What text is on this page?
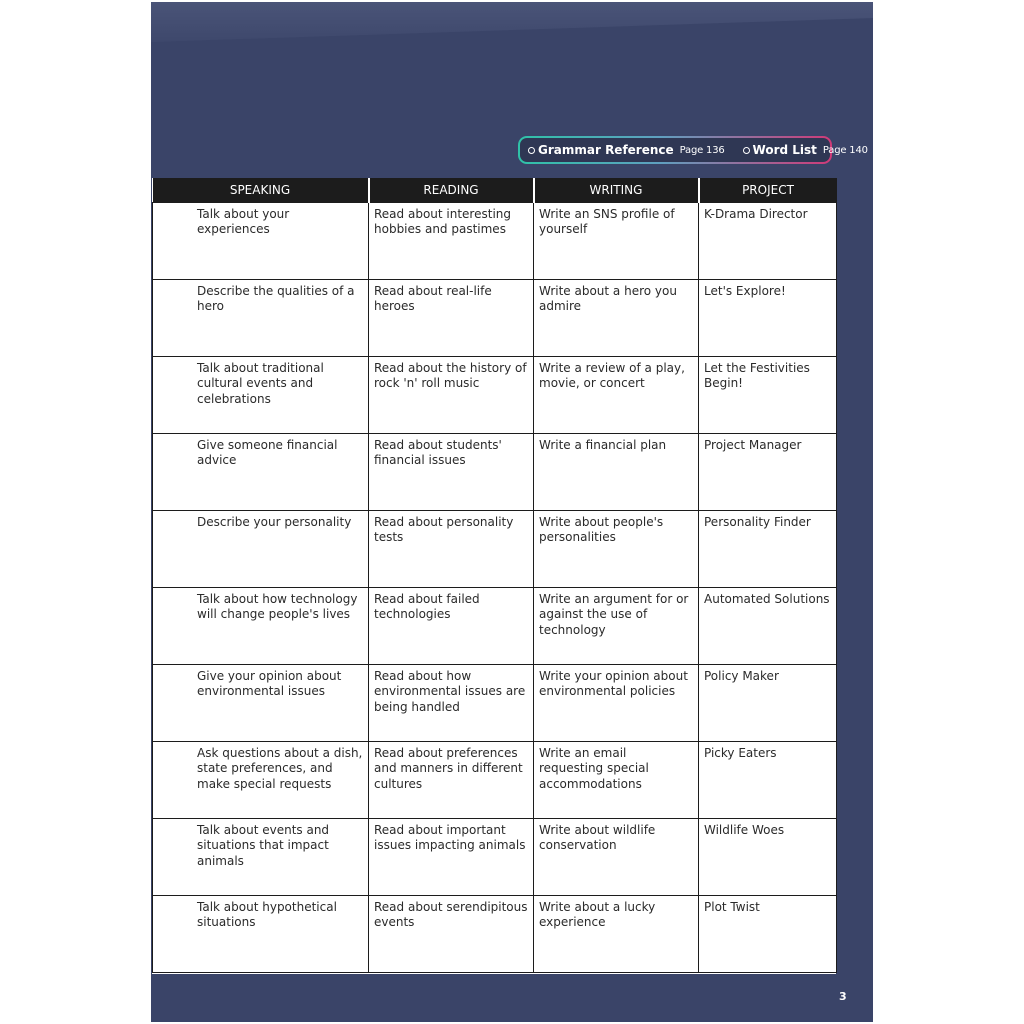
Grammar Reference Page 136 Word List Page 140
SPEAKING	READING	WRITING	PROJECT
Talk about your experiences	Read about interesting hobbies and pastimes	Write an SNS profile of yourself	K-Drama Director
Describe the qualities of a hero	Read about real-life heroes	Write about a hero you admire	Let's Explore!
Talk about traditional cultural events and celebrations	Read about the history of rock 'n' roll music	Write a review of a play, movie, or concert	Let the Festivities Begin!
Give someone financial advice	Read about students' financial issues	Write a financial plan	Project Manager
Describe your personality	Read about personality tests	Write about people's personalities	Personality Finder
Talk about how technology will change people's lives	Read about failed technologies	Write an argument for or against the use of technology	Automated Solutions
Give your opinion about environmental issues	Read about how environmental issues are being handled	Write your opinion about environmental policies	Policy Maker
Ask questions about a dish, state preferences, and make special requests	Read about preferences and manners in different cultures	Write an email requesting special accommodations	Picky Eaters
Talk about events and situations that impact animals	Read about important issues impacting animals	Write about wildlife conservation	Wildlife Woes
Talk about hypothetical situations	Read about serendipitous events	Write about a lucky experience	Plot Twist
3
